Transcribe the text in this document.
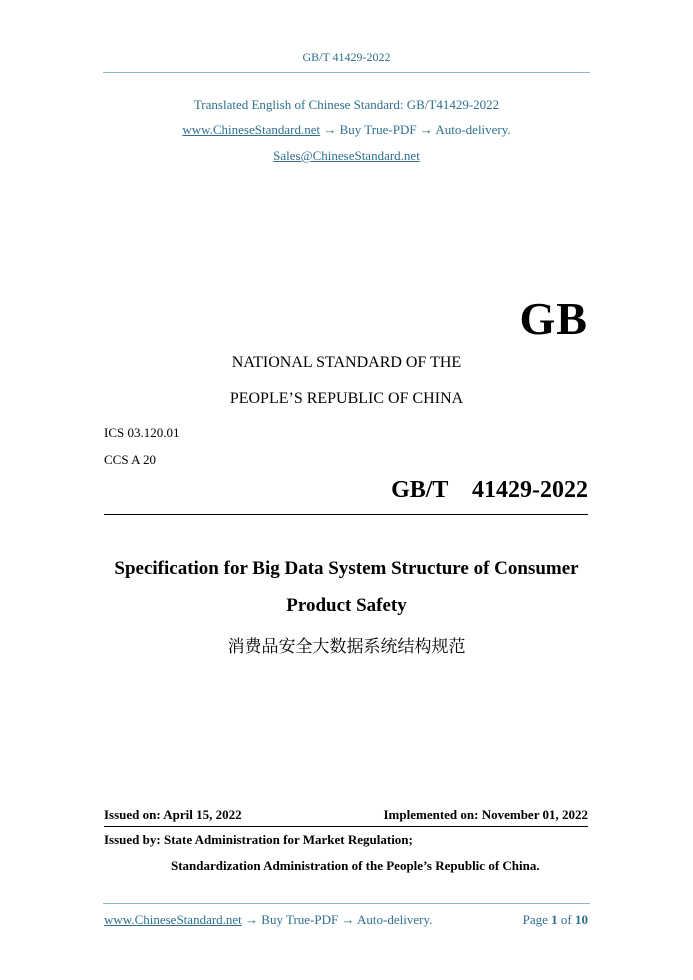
GB/T 41429-2022
Translated English of Chinese Standard: GB/T41429-2022
www.ChineseStandard.net → Buy True-PDF → Auto-delivery.
Sales@ChineseStandard.net
GB
NATIONAL STANDARD OF THE
PEOPLE’S REPUBLIC OF CHINA
ICS 03.120.01
CCS A 20
GB/T  41429-2022
Specification for Big Data System Structure of Consumer
Product Safety
消费品安全大数据系统结构规范
Issued on: April 15, 2022	Implemented on: November 01, 2022
Issued by: State Administration for Market Regulation;
Standardization Administration of the People’s Republic of China.
www.ChineseStandard.net → Buy True-PDF → Auto-delivery.	Page 1 of 10
